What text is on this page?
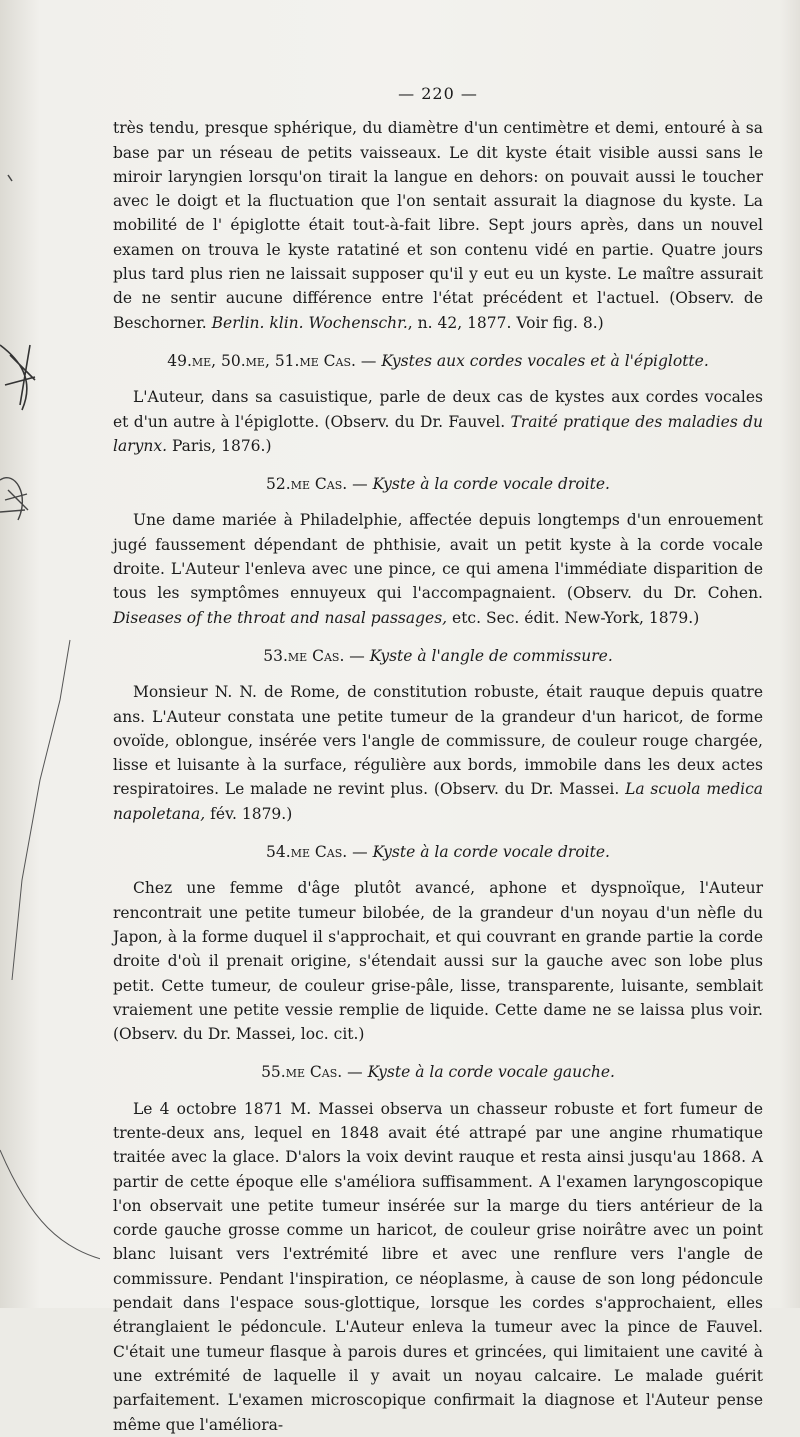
— 220 —

très tendu, presque sphérique, du diamètre d'un centimètre et demi, entouré à sa base par un réseau de petits vaisseaux. Le dit kyste était visible aussi sans le miroir laryngien lorsqu'on tirait la langue en dehors: on pouvait aussi le toucher avec le doigt et la fluctuation que l'on sentait assurait la diagnose du kyste. La mobilité de l' épiglotte était tout-à-fait libre. Sept jours après, dans un nouvel examen on trouva le kyste ratatiné et son contenu vidé en partie. Quatre jours plus tard plus rien ne laissait supposer qu'il y eut eu un kyste. Le maître assurait de ne sentir aucune différence entre l'état précédent et l'actuel. (Observ. de Beschorner. Berlin. klin. Wochenschr., n. 42, 1877. Voir fig. 8.)

49.me, 50.me, 51.me Cas. — Kystes aux cordes vocales et à l'épiglotte.

L'Auteur, dans sa casuistique, parle de deux cas de kystes aux cordes vocales et d'un autre à l'épiglotte. (Observ. du Dr. Fauvel. Traité pratique des maladies du larynx. Paris, 1876.)

52.me Cas. — Kyste à la corde vocale droite.

Une dame mariée à Philadelphie, affectée depuis longtemps d'un enrouement jugé faussement dépendant de phthisie, avait un petit kyste à la corde vocale droite. L'Auteur l'enleva avec une pince, ce qui amena l'immédiate disparition de tous les symptômes ennuyeux qui l'accompagnaient. (Observ. du Dr. Cohen. Diseases of the throat and nasal passages, etc. Sec. édit. New-York, 1879.)

53.me Cas. — Kyste à l'angle de commissure.

Monsieur N. N. de Rome, de constitution robuste, était rauque depuis quatre ans. L'Auteur constata une petite tumeur de la grandeur d'un haricot, de forme ovoïde, oblongue, insérée vers l'angle de commissure, de couleur rouge chargée, lisse et luisante à la surface, régulière aux bords, immobile dans les deux actes respiratoires. Le malade ne revint plus. (Observ. du Dr. Massei. La scuola medica napoletana, fév. 1879.)

54.me Cas. — Kyste à la corde vocale droite.

Chez une femme d'âge plutôt avancé, aphone et dyspnoïque, l'Auteur rencontrait une petite tumeur bilobée, de la grandeur d'un noyau d'un nèfle du Japon, à la forme duquel il s'approchait, et qui couvrant en grande partie la corde droite d'où il prenait origine, s'étendait aussi sur la gauche avec son lobe plus petit. Cette tumeur, de couleur grise-pâle, lisse, transparente, luisante, semblait vraiement une petite vessie remplie de liquide. Cette dame ne se laissa plus voir. (Observ. du Dr. Massei, loc. cit.)

55.me Cas. — Kyste à la corde vocale gauche.

Le 4 octobre 1871 M. Massei observa un chasseur robuste et fort fumeur de trente-deux ans, lequel en 1848 avait été attrapé par une angine rhumatique traitée avec la glace. D'alors la voix devint rauque et resta ainsi jusqu'au 1868. A partir de cette époque elle s'améliora suffisamment. A l'examen laryngoscopique l'on observait une petite tumeur insérée sur la marge du tiers antérieur de la corde gauche grosse comme un haricot, de couleur grise noirâtre avec un point blanc luisant vers l'extrémité libre et avec une renflure vers l'angle de commissure. Pendant l'inspiration, ce néoplasme, à cause de son long pédoncule pendait dans l'espace sous-glottique, lorsque les cordes s'approchaient, elles étranglaient le pédoncule. L'Auteur enleva la tumeur avec la pince de Fauvel. C'était une tumeur flasque à parois dures et grincées, qui limitaient une cavité à une extrémité de laquelle il y avait un noyau calcaire. Le malade guérit parfaitement. L'examen microscopique confirmait la diagnose et l'Auteur pense même que l'améliora-
